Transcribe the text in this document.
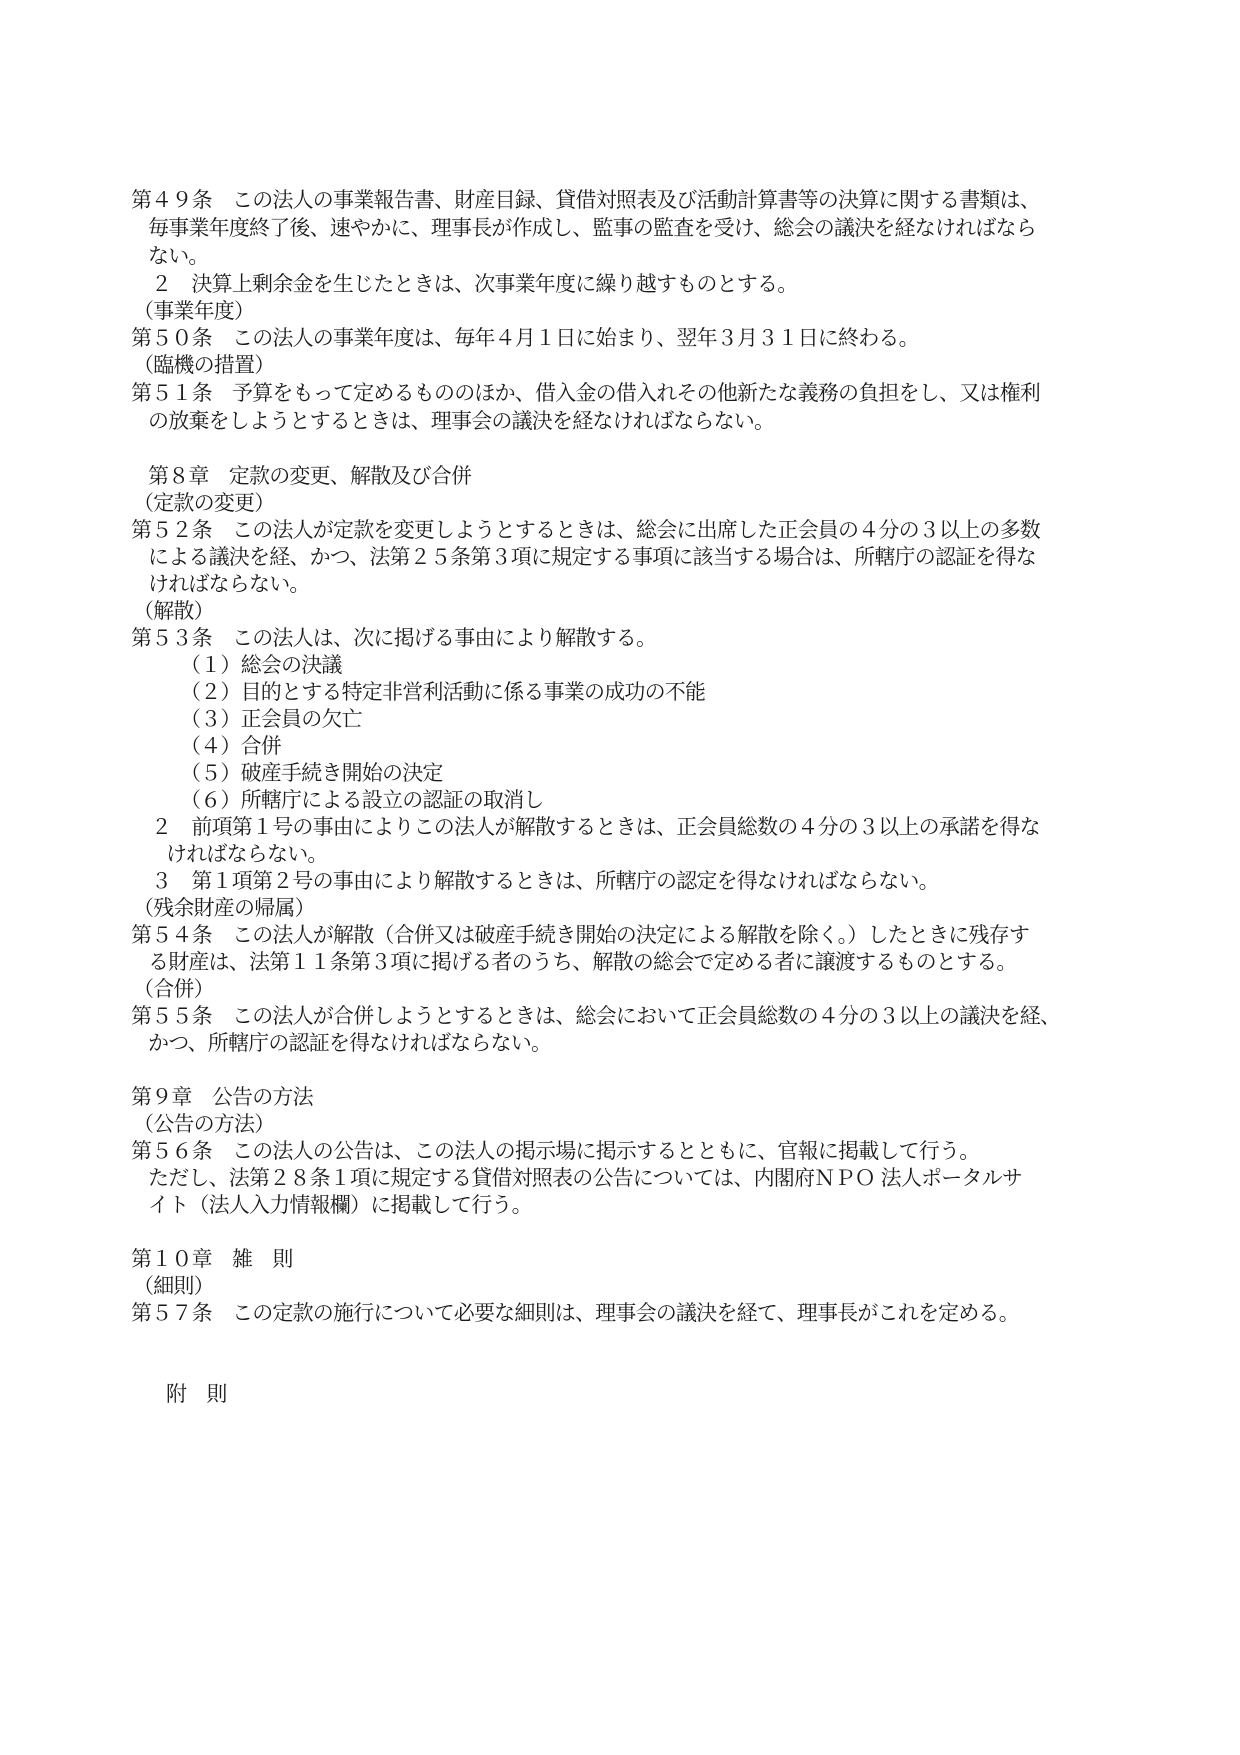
第４９条　この法人の事業報告書、財産目録、貸借対照表及び活動計算書等の決算に関する書類は、
毎事業年度終了後、速やかに、理事長が作成し、監事の監査を受け、総会の議決を経なければなら
ない。
２　決算上剰余金を生じたときは、次事業年度に繰り越すものとする。
（事業年度）
第５０条　この法人の事業年度は、毎年４月１日に始まり、翌年３月３１日に終わる。
（臨機の措置）
第５１条　予算をもって定めるもののほか、借入金の借入れその他新たな義務の負担をし、又は権利
の放棄をしようとするときは、理事会の議決を経なければならない。
第８章　定款の変更、解散及び合併
（定款の変更）
第５２条　この法人が定款を変更しようとするときは、総会に出席した正会員の４分の３以上の多数
による議決を経、かつ、法第２５条第３項に規定する事項に該当する場合は、所轄庁の認証を得な
ければならない。
（解散）
第５３条　この法人は、次に掲げる事由により解散する。
（１）総会の決議
（２）目的とする特定非営利活動に係る事業の成功の不能
（３）正会員の欠亡
（４）合併
（５）破産手続き開始の決定
（６）所轄庁による設立の認証の取消し
２　前項第１号の事由によりこの法人が解散するときは、正会員総数の４分の３以上の承諾を得な
ければならない。
３　第１項第２号の事由により解散するときは、所轄庁の認定を得なければならない。
（残余財産の帰属）
第５４条　この法人が解散（合併又は破産手続き開始の決定による解散を除く。）したときに残存す
る財産は、法第１１条第３項に掲げる者のうち、解散の総会で定める者に譲渡するものとする。
（合併）
第５５条　この法人が合併しようとするときは、総会において正会員総数の４分の３以上の議決を経、
かつ、所轄庁の認証を得なければならない。
第９章　公告の方法
（公告の方法）
第５６条　この法人の公告は、この法人の掲示場に掲示するとともに、官報に掲載して行う。
ただし、法第２８条１項に規定する貸借対照表の公告については、内閣府ＮＰＯ 法人ポータルサ
イト（法人入力情報欄）に掲載して行う。
第１０章　雑　則
（細則）
第５７条　この定款の施行について必要な細則は、理事会の議決を経て、理事長がこれを定める。
附　則
